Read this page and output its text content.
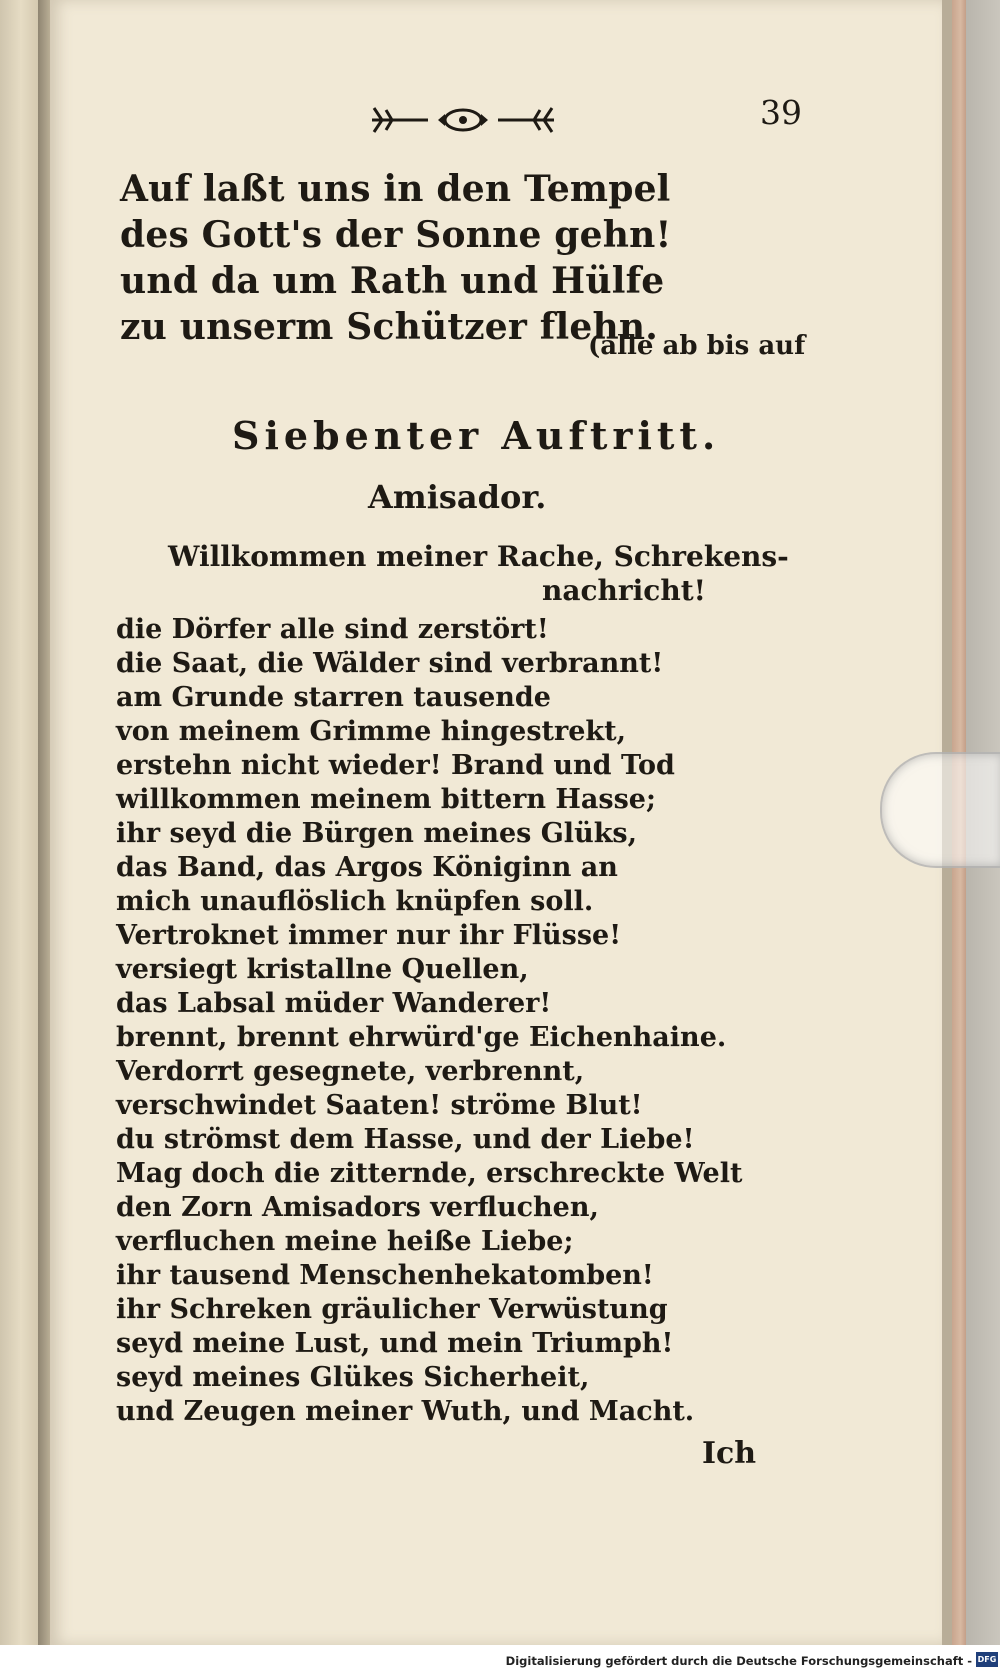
39
Auf laßt uns in den Tempel
des Gott's der Sonne gehn!
und da um Rath und Hülfe
zu unserm Schützer flehn.
(alle ab bis auf
Siebenter Auftritt.
Amisador.
Willkommen meiner Rache, Schrekens-
nachricht!
die Dörfer alle sind zerstört!
die Saat, die Wälder sind verbrannt!
am Grunde starren tausende
von meinem Grimme hingestrekt,
erstehn nicht wieder! Brand und Tod
willkommen meinem bittern Hasse;
ihr seyd die Bürgen meines Glüks,
das Band, das Argos Königinn an
mich unauflöslich knüpfen soll.
Vertroknet immer nur ihr Flüsse!
versiegt kristallne Quellen,
das Labsal müder Wanderer!
brennt, brennt ehrwürd'ge Eichenhaine.
Verdorrt gesegnete, verbrennt,
verschwindet Saaten! ströme Blut!
du strömst dem Hasse, und der Liebe!
Mag doch die zitternde, erschreckte Welt
den Zorn Amisadors verfluchen,
verfluchen meine heiße Liebe;
ihr tausend Menschenhekatomben!
ihr Schreken gräulicher Verwüstung
seyd meine Lust, und mein Triumph!
seyd meines Glükes Sicherheit,
und Zeugen meiner Wuth, und Macht.
Ich
Digitalisierung gefördert durch die Deutsche Forschungsgemeinschaft - DFG
